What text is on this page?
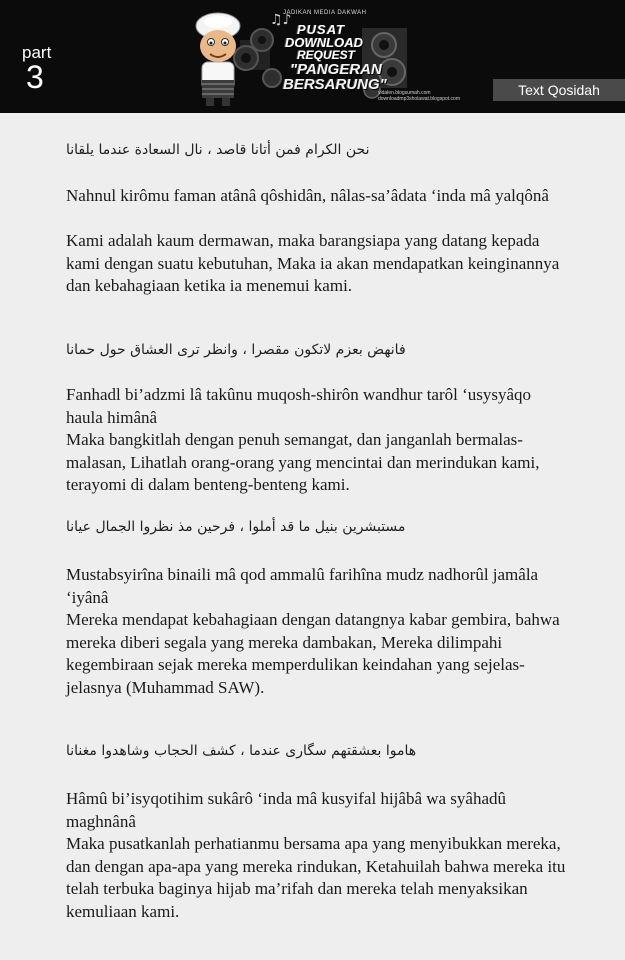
part
3
♫♪
JADIKAN MEDIA DAKWAH
PUSAT
DOWNLOAD
REQUEST
"PANGERAN
BERSARUNG"
vidalen.blogsumah.com
downloadmp3sholawat.blogspot.com
Text Qosidah

نحن الكرام فمن أتانا قاصد ، نال السعادة عندما يلقانا

Nahnul kirômu faman atânâ qôshidân, nâlas-sa’âdata ‘inda mâ yalqônâ

Kami adalah kaum dermawan, maka barangsiapa yang datang kepada kami dengan suatu kebutuhan, Maka ia akan mendapatkan keinginannya dan kebahagiaan ketika ia menemui kami.

فانهض بعزم لاتكون مقصرا ، وانظر ترى العشاق حول حمانا

Fanhadl bi’adzmi lâ takûnu muqosh-shirôn wandhur tarôl ‘usysyâqo haula himânâ

Maka bangkitlah dengan penuh semangat, dan janganlah bermalas-malasan, Lihatlah orang-orang yang mencintai dan merindukan kami, terayomi di dalam benteng-benteng kami.

مستبشرين بنيل ما قد أملوا ، فرحين مذ نظروا الجمال عيانا

Mustabsyirîna binaili mâ qod ammalû farihîna mudz nadhorûl jamâla ‘iyânâ

Mereka mendapat kebahagiaan dengan datangnya kabar gembira, bahwa mereka diberi segala yang mereka dambakan, Mereka dilimpahi kegembiraan sejak mereka memperdulikan keindahan yang sejelas-jelasnya (Muhammad SAW).

هاموا بعشقتهم سگارى عندما ، كشف الحجاب وشاهدوا مغنانا

Hâmû bi’isyqotihim sukârô ‘inda mâ kusyifal hijâbâ wa syâhadû maghnânâ

Maka pusatkanlah perhatianmu bersama apa yang menyibukkan mereka, dan dengan apa-apa yang mereka rindukan, Ketahuilah bahwa mereka itu telah terbuka baginya hijab ma’rifah dan mereka telah menyaksikan kemuliaan kami.
